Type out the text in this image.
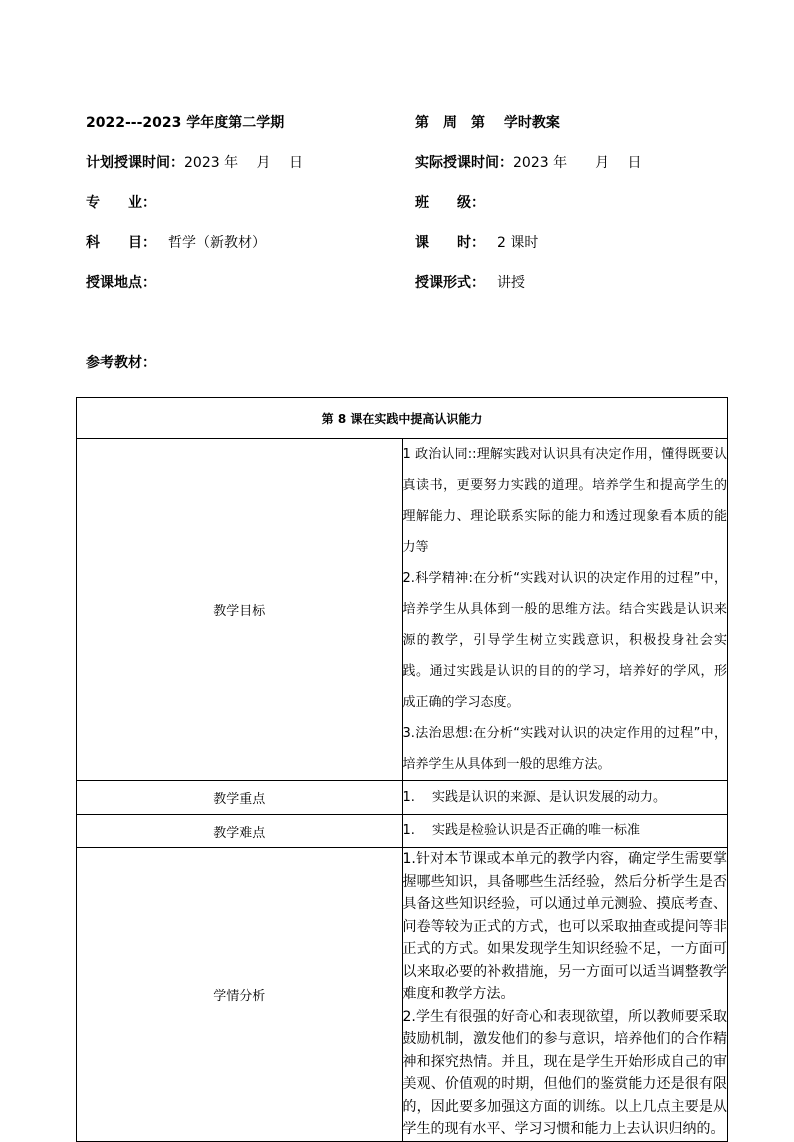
2022---2023 学年度第二学期	第　周　第　 学时教案
计划授课时间：2023 年　 月　 日	实际授课时间：2023 年　　月　 日
专　　业：	班　　级：
科　　目： 哲学（新教材）	课　　时： 2 课时
授课地点：	授课形式： 讲授
参考教材：
第 8 课在实践中提高认识能力	
教学目标	1 政治认同::理解实践对认识具有决定作用，懂得既要认真读书，更要努力实践的道理。培养学生和提高学生的理解能力、理论联系实际的能力和透过现象看本质的能力等

2.科学精神:在分析“实践对认识的决定作用的过程”中，培养学生从具体到一般的思维方法。结合实践是认识来源的教学，引导学生树立实践意识，积极投身社会实践。通过实践是认识的目的的学习，培养好的学风，形成正确的学习态度。

3.法治思想:在分析“实践对认识的决定作用的过程”中，培养学生从具体到一般的思维方法。

教学重点	1.　 实践是认识的来源、是认识发展的动力。
教学难点	1.　 实践是检验认识是否正确的唯一标准
学情分析	1.针对本节课或本单元的教学内容，确定学生需要掌握哪些知识，具备哪些生活经验，然后分析学生是否具备这些知识经验，可以通过单元测验、摸底考查、问卷等较为正式的方式，也可以采取抽查或提问等非正式的方式。如果发现学生知识经验不足，一方面可以来取必要的补救措施，另一方面可以适当调整教学难度和教学方法。

2.学生有很强的好奇心和表现欲望，所以教师要采取鼓励机制，激发他们的参与意识，培养他们的合作精神和探究热情。并且，现在是学生开始形成自己的审美观、价值观的时期，但他们的鉴赏能力还是很有限的，因此要多加强这方面的训练。以上几点主要是从学生的现有水平、学习习惯和能力上去认识归纳的。
